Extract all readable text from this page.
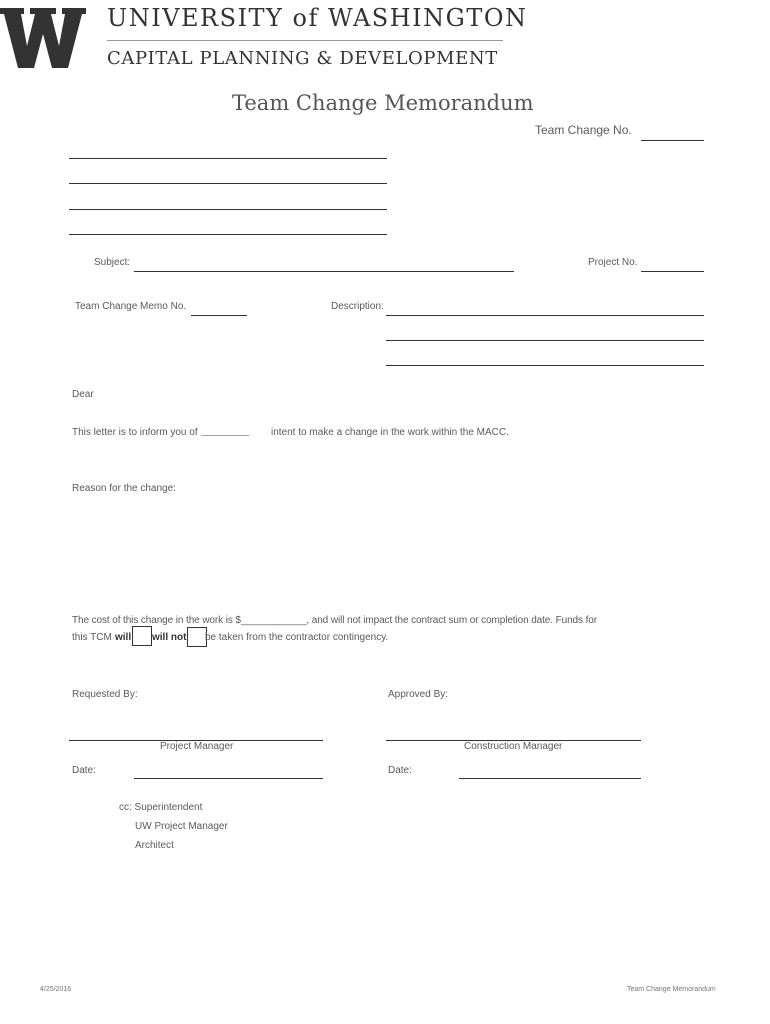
UNIVERSITY of WASHINGTON
CAPITAL PLANNING & DEVELOPMENT
Team Change Memorandum
Team Change No.
Subject:	Project No.
Team Change Memo No.	Description:
Dear
This letter is to inform you of ____________ intent to make a change in the work within the MACC.
Reason for the change:
The cost of this change in the work is $____________, and will not impact the contract sum or completion date. Funds for
this TCM will will not be taken from the contractor contingency.
Requested By:	Approved By:
Project Manager	Construction Manager
Date:	Date:
cc: Superintendent
UW Project Manager
Architect
4/25/2016	Team Change Memorandum
